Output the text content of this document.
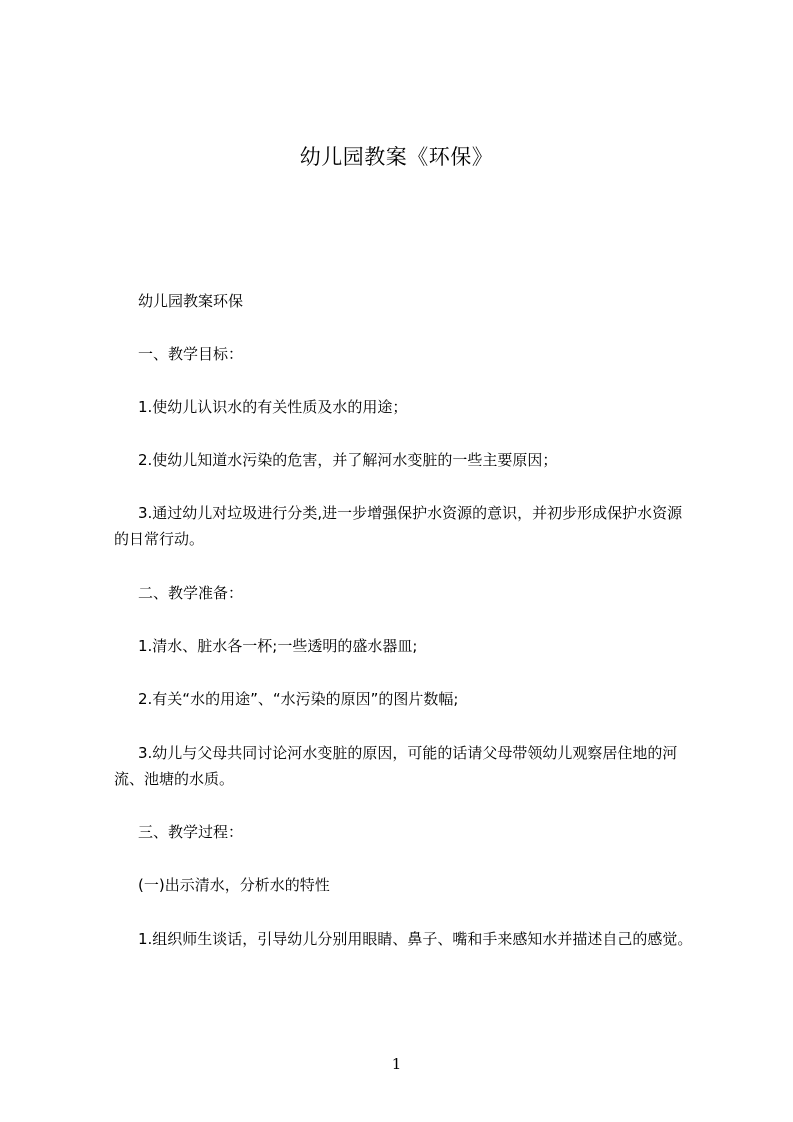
幼儿园教案《环保》

幼儿园教案环保

一、教学目标：

1.使幼儿认识水的有关性质及水的用途；

2.使幼儿知道水污染的危害，并了解河水变脏的一些主要原因；

3.通过幼儿对垃圾进行分类,进一步增强保护水资源的意识，并初步形成保护水资源的日常行动。

二、教学准备：

1.清水、脏水各一杯;一些透明的盛水器皿;

2.有关“水的用途”、“水污染的原因”的图片数幅;

3.幼儿与父母共同讨论河水变脏的原因，可能的话请父母带领幼儿观察居住地的河流、池塘的水质。

三、教学过程：

(一)出示清水，分析水的特性

1.组织师生谈话，引导幼儿分别用眼睛、鼻子、嘴和手来感知水并描述自己的感觉。

1
